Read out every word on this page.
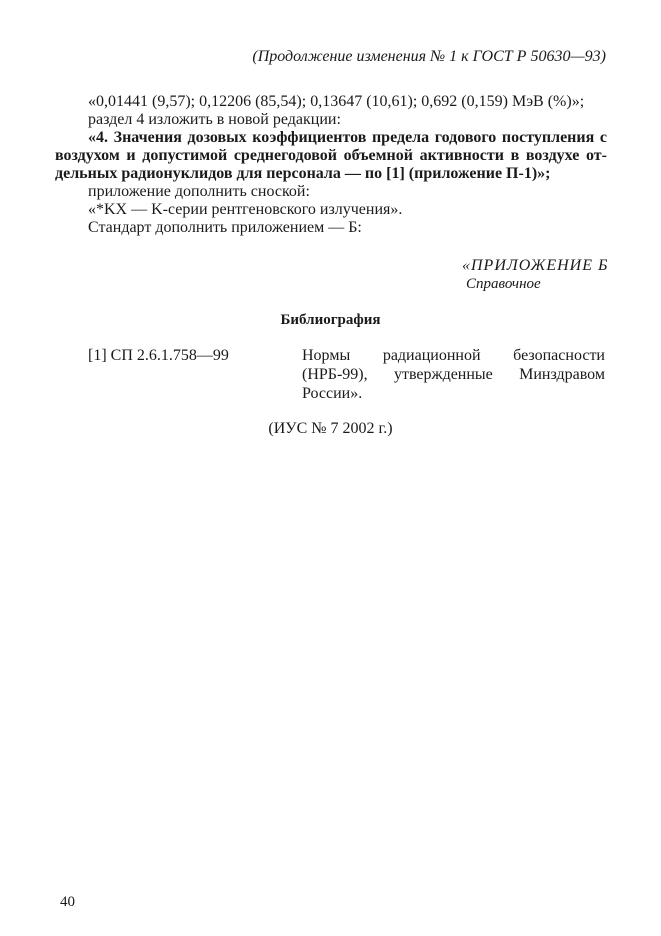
(Продолжение изменения № 1 к ГОСТ Р 50630—93)
«0,01441 (9,57); 0,12206 (85,54); 0,13647 (10,61); 0,692 (0,159) МэВ (%)»;
раздел 4 изложить в новой редакции:
«4. Значения дозовых коэффициентов предела годового поступления с
воздухом и допустимой среднегодовой объемной активности в воздухе от-
дельных радионуклидов для персонала — по [1] (приложение П-1)»;
приложение дополнить сноской:
«*KX — K-серии рентгеновского излучения».
Стандарт дополнить приложением — Б:
«ПРИЛОЖЕНИЕ Б
Справочное
Библиография
[1] СП 2.6.1.758—99	Нормы радиационной безопасности
(НРБ-99), утвержденные Минздравом
России».
(ИУС № 7 2002 г.)
40
